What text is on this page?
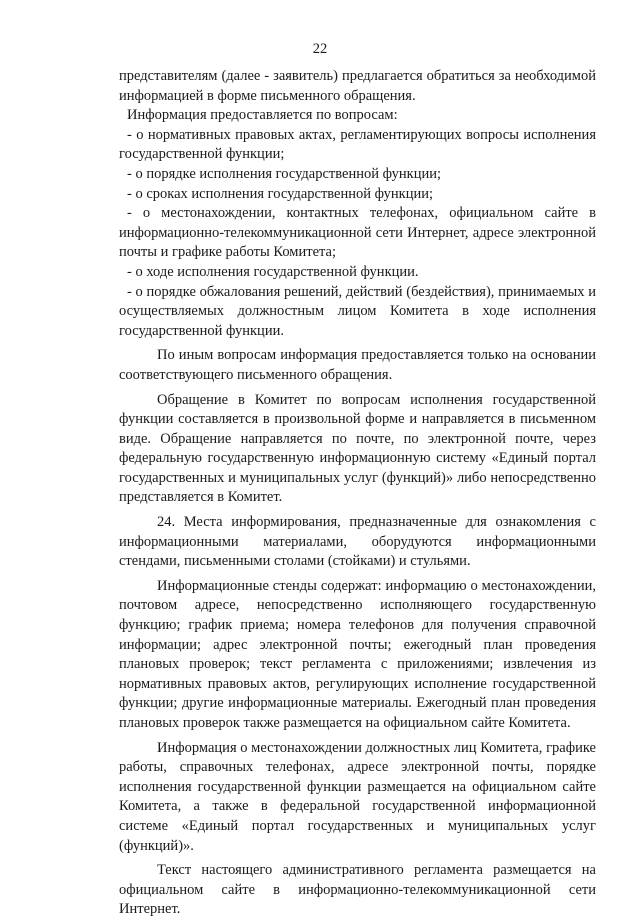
22

представителям (далее - заявитель) предлагается обратиться за необходимой информацией в форме письменного обращения.

Информация предоставляется по вопросам:

- о нормативных правовых актах, регламентирующих вопросы исполнения государственной функции;

- о порядке исполнения государственной функции;

- о сроках исполнения государственной функции;

- о местонахождении, контактных телефонах, официальном сайте в информационно-телекоммуникационной сети Интернет, адресе электронной почты и графике работы Комитета;

- о ходе исполнения государственной функции.

- о порядке обжалования решений, действий (бездействия), принимаемых и осуществляемых должностным лицом Комитета в ходе исполнения государственной функции.

По иным вопросам информация предоставляется только на основании соответствующего письменного обращения.

Обращение в Комитет по вопросам исполнения государственной функции составляется в произвольной форме и направляется в письменном виде. Обращение направляется по почте, по электронной почте, через федеральную государственную информационную систему «Единый портал государственных и муниципальных услуг (функций)» либо непосредственно представляется в Комитет.

24. Места информирования, предназначенные для ознакомления с информационными материалами, оборудуются информационными стендами, письменными столами (стойками) и стульями.

Информационные стенды содержат: информацию о местонахождении, почтовом адресе, непосредственно исполняющего государственную функцию; график приема; номера телефонов для получения справочной информации; адрес электронной почты; ежегодный план проведения плановых проверок; текст регламента с приложениями; извлечения из нормативных правовых актов, регулирующих исполнение государственной функции; другие информационные материалы. Ежегодный план проведения плановых проверок также размещается на официальном сайте Комитета.

Информация о местонахождении должностных лиц Комитета, графике работы, справочных телефонах, адресе электронной почты, порядке исполнения государственной функции размещается на официальном сайте Комитета, а также в федеральной государственной информационной системе «Единый портал государственных и муниципальных услуг (функций)».

Текст настоящего административного регламента размещается на официальном сайте в информационно-телекоммуникационной сети Интернет.
